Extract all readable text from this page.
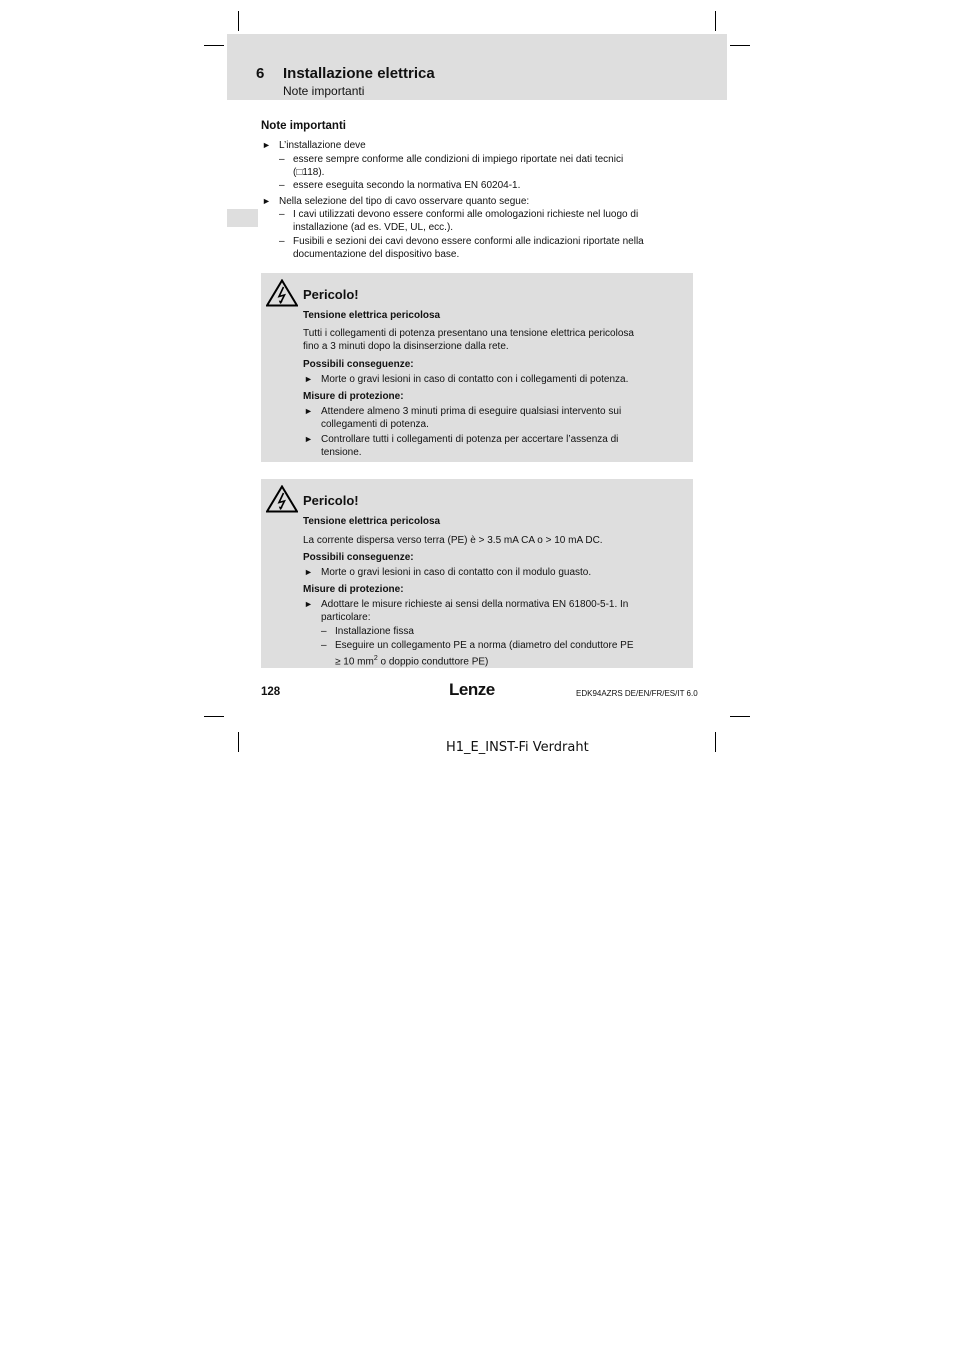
6 Installazione elettrica
Note importanti
Note importanti
► L’installazione deve
– essere sempre conforme alle condizioni di impiego riportate nei dati tecnici
(□118).
– essere eseguita secondo la normativa EN 60204-1.
► Nella selezione del tipo di cavo osservare quanto segue:
– I cavi utilizzati devono essere conformi alle omologazioni richieste nel luogo di
installazione (ad es. VDE, UL, ecc.).
– Fusibili e sezioni dei cavi devono essere conformi alle indicazioni riportate nella
documentazione del dispositivo base.
Pericolo!
Tensione elettrica pericolosa
Tutti i collegamenti di potenza presentano una tensione elettrica pericolosa
fino a 3 minuti dopo la disinserzione dalla rete.
Possibili conseguenze:
► Morte o gravi lesioni in caso di contatto con i collegamenti di potenza.
Misure di protezione:
► Attendere almeno 3 minuti prima di eseguire qualsiasi intervento sui
collegamenti di potenza.
► Controllare tutti i collegamenti di potenza per accertare l’assenza di
tensione.
Pericolo!
Tensione elettrica pericolosa
La corrente dispersa verso terra (PE) è > 3.5 mA CA o > 10 mA DC.
Possibili conseguenze:
► Morte o gravi lesioni in caso di contatto con il modulo guasto.
Misure di protezione:
► Adottare le misure richieste ai sensi della normativa EN 61800-5-1. In
particolare:
– Installazione fissa
– Eseguire un collegamento PE a norma (diametro del conduttore PE
≥ 10 $mm^2$ o doppio conduttore PE)
128	Lenze	EDK94AZRS DE/EN/FR/ES/IT 6.0
H1_E_INST-Fi Verdraht
